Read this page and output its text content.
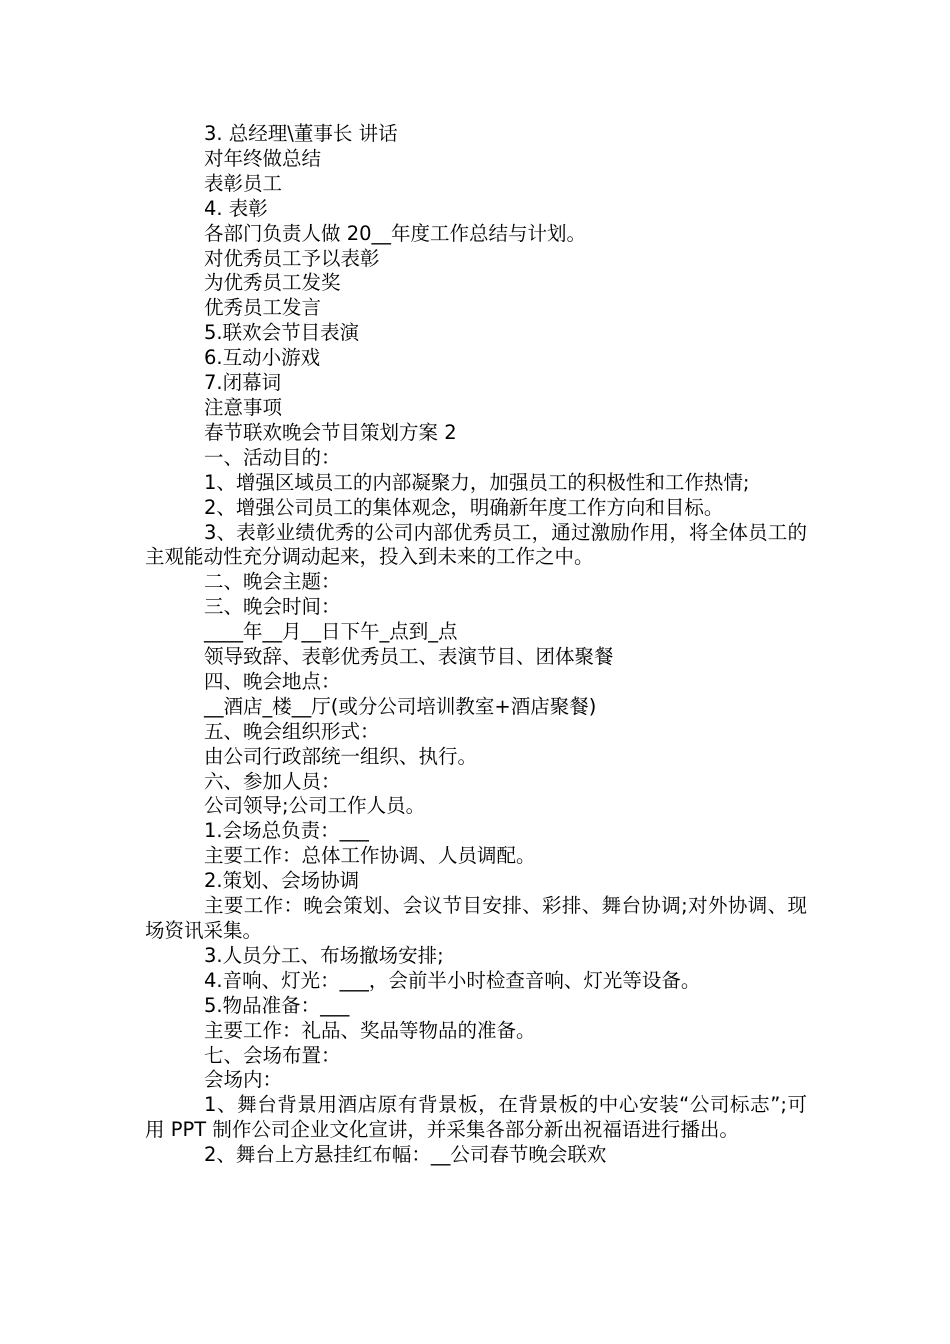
3. 总经理\董事长 讲话

对年终做总结

表彰员工

4. 表彰

各部门负责人做 20__年度工作总结与计划。

对优秀员工予以表彰

为优秀员工发奖

优秀员工发言

5.联欢会节目表演

6.互动小游戏

7.闭幕词

注意事项

春节联欢晚会节目策划方案 2

一、活动目的：

1、增强区域员工的内部凝聚力，加强员工的积极性和工作热情;

2、增强公司员工的集体观念，明确新年度工作方向和目标。

3、表彰业绩优秀的公司内部优秀员工，通过激励作用，将全体员工的主观能动性充分调动起来，投入到未来的工作之中。

二、晚会主题：

三、晚会时间：

____年__月__日下午_点到_点

领导致辞、表彰优秀员工、表演节目、团体聚餐

四、晚会地点：

__酒店_楼__厅(或分公司培训教室+酒店聚餐)

五、晚会组织形式：

由公司行政部统一组织、执行。

六、参加人员：

公司领导;公司工作人员。

1.会场总负责：___

主要工作：总体工作协调、人员调配。

2.策划、会场协调

主要工作：晚会策划、会议节目安排、彩排、舞台协调;对外协调、现场资讯采集。

3.人员分工、布场撤场安排;

4.音响、灯光：___，会前半小时检查音响、灯光等设备。

5.物品准备：___

主要工作：礼品、奖品等物品的准备。

七、会场布置：

会场内：

1、舞台背景用酒店原有背景板，在背景板的中心安装“公司标志”;可用 PPT 制作公司企业文化宣讲，并采集各部分新出祝福语进行播出。

2、舞台上方悬挂红布幅：__公司春节晚会联欢
